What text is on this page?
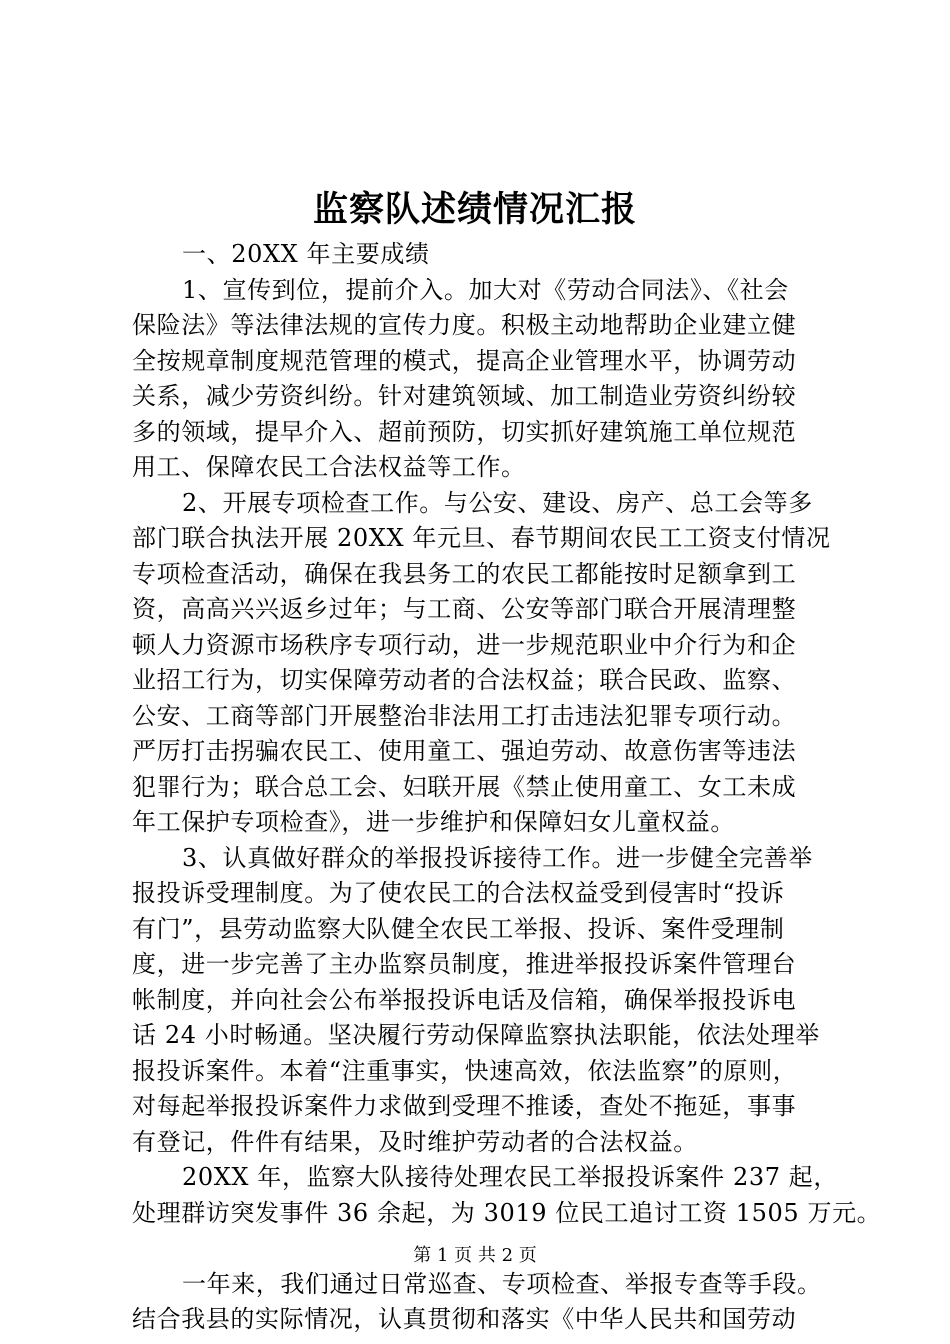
监察队述绩情况汇报
一、20XX 年主要成绩
1、宣传到位，提前介入。加大对《劳动合同法》、《社会
保险法》等法律法规的宣传力度。积极主动地帮助企业建立健
全按规章制度规范管理的模式，提高企业管理水平，协调劳动
关系，减少劳资纠纷。针对建筑领域、加工制造业劳资纠纷较
多的领域，提早介入、超前预防，切实抓好建筑施工单位规范
用工、保障农民工合法权益等工作。
2、开展专项检查工作。与公安、建设、房产、总工会等多
部门联合执法开展 20XX 年元旦、春节期间农民工工资支付情况
专项检查活动，确保在我县务工的农民工都能按时足额拿到工
资，高高兴兴返乡过年；与工商、公安等部门联合开展清理整
顿人力资源市场秩序专项行动，进一步规范职业中介行为和企
业招工行为，切实保障劳动者的合法权益；联合民政、监察、
公安、工商等部门开展整治非法用工打击违法犯罪专项行动。
严厉打击拐骗农民工、使用童工、强迫劳动、故意伤害等违法
犯罪行为；联合总工会、妇联开展《禁止使用童工、女工未成
年工保护专项检查》，进一步维护和保障妇女儿童权益。
3、认真做好群众的举报投诉接待工作。进一步健全完善举
报投诉受理制度。为了使农民工的合法权益受到侵害时“投诉
有门”，县劳动监察大队健全农民工举报、投诉、案件受理制
度，进一步完善了主办监察员制度，推进举报投诉案件管理台
帐制度，并向社会公布举报投诉电话及信箱，确保举报投诉电
话 24 小时畅通。坚决履行劳动保障监察执法职能，依法处理举
报投诉案件。本着“注重事实，快速高效，依法监察”的原则，
对每起举报投诉案件力求做到受理不推诿，查处不拖延，事事
有登记，件件有结果，及时维护劳动者的合法权益。
20XX 年，监察大队接待处理农民工举报投诉案件 237 起，
处理群访突发事件 36 余起，为 3019 位民工追讨工资 1505 万元。
一年来，我们通过日常巡查、专项检查、举报专查等手段。
结合我县的实际情况，认真贯彻和落实《中华人民共和国劳动
第 1 页 共 2 页
